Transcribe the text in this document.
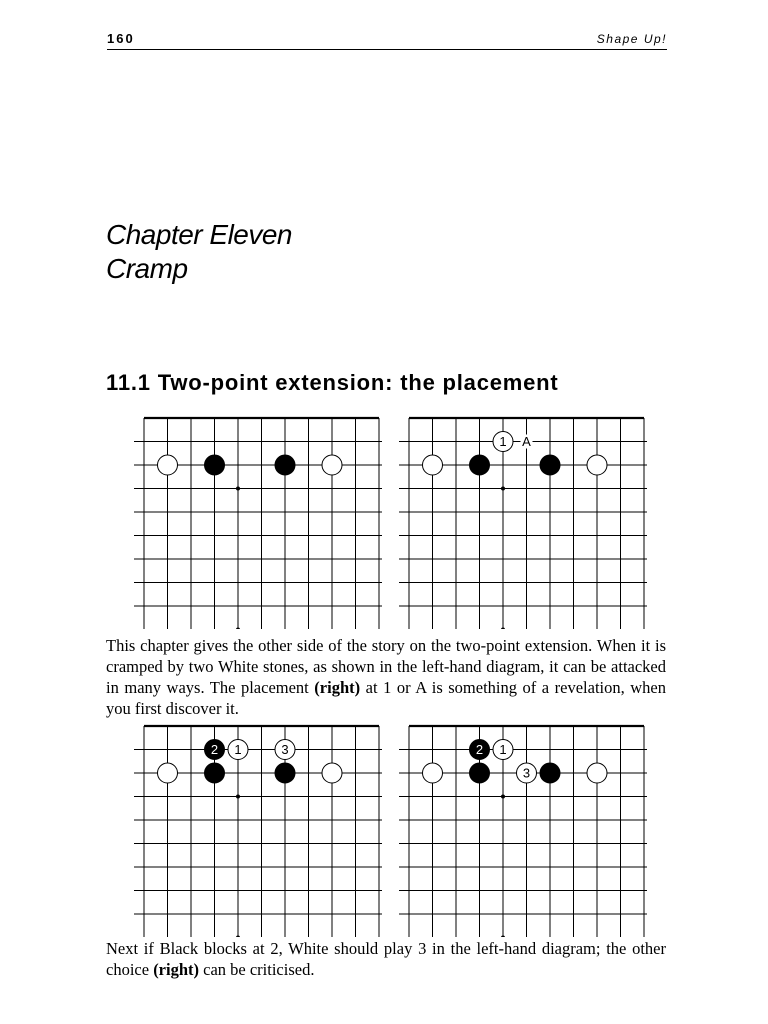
160	Shape Up!
Chapter Eleven
Cramp
11.1 Two-point extension: the placement
1 A
This chapter gives the other side of the story on the two-point extension. When it is cramped by two White stones, as shown in the left-hand diagram, it can be attacked in many ways. The placement (right) at 1 or A is something of a revelation, when you first discover it.
2 1	3	2 1
3
Next if Black blocks at 2, White should play 3 in the left-hand diagram; the other choice (right) can be criticised.
